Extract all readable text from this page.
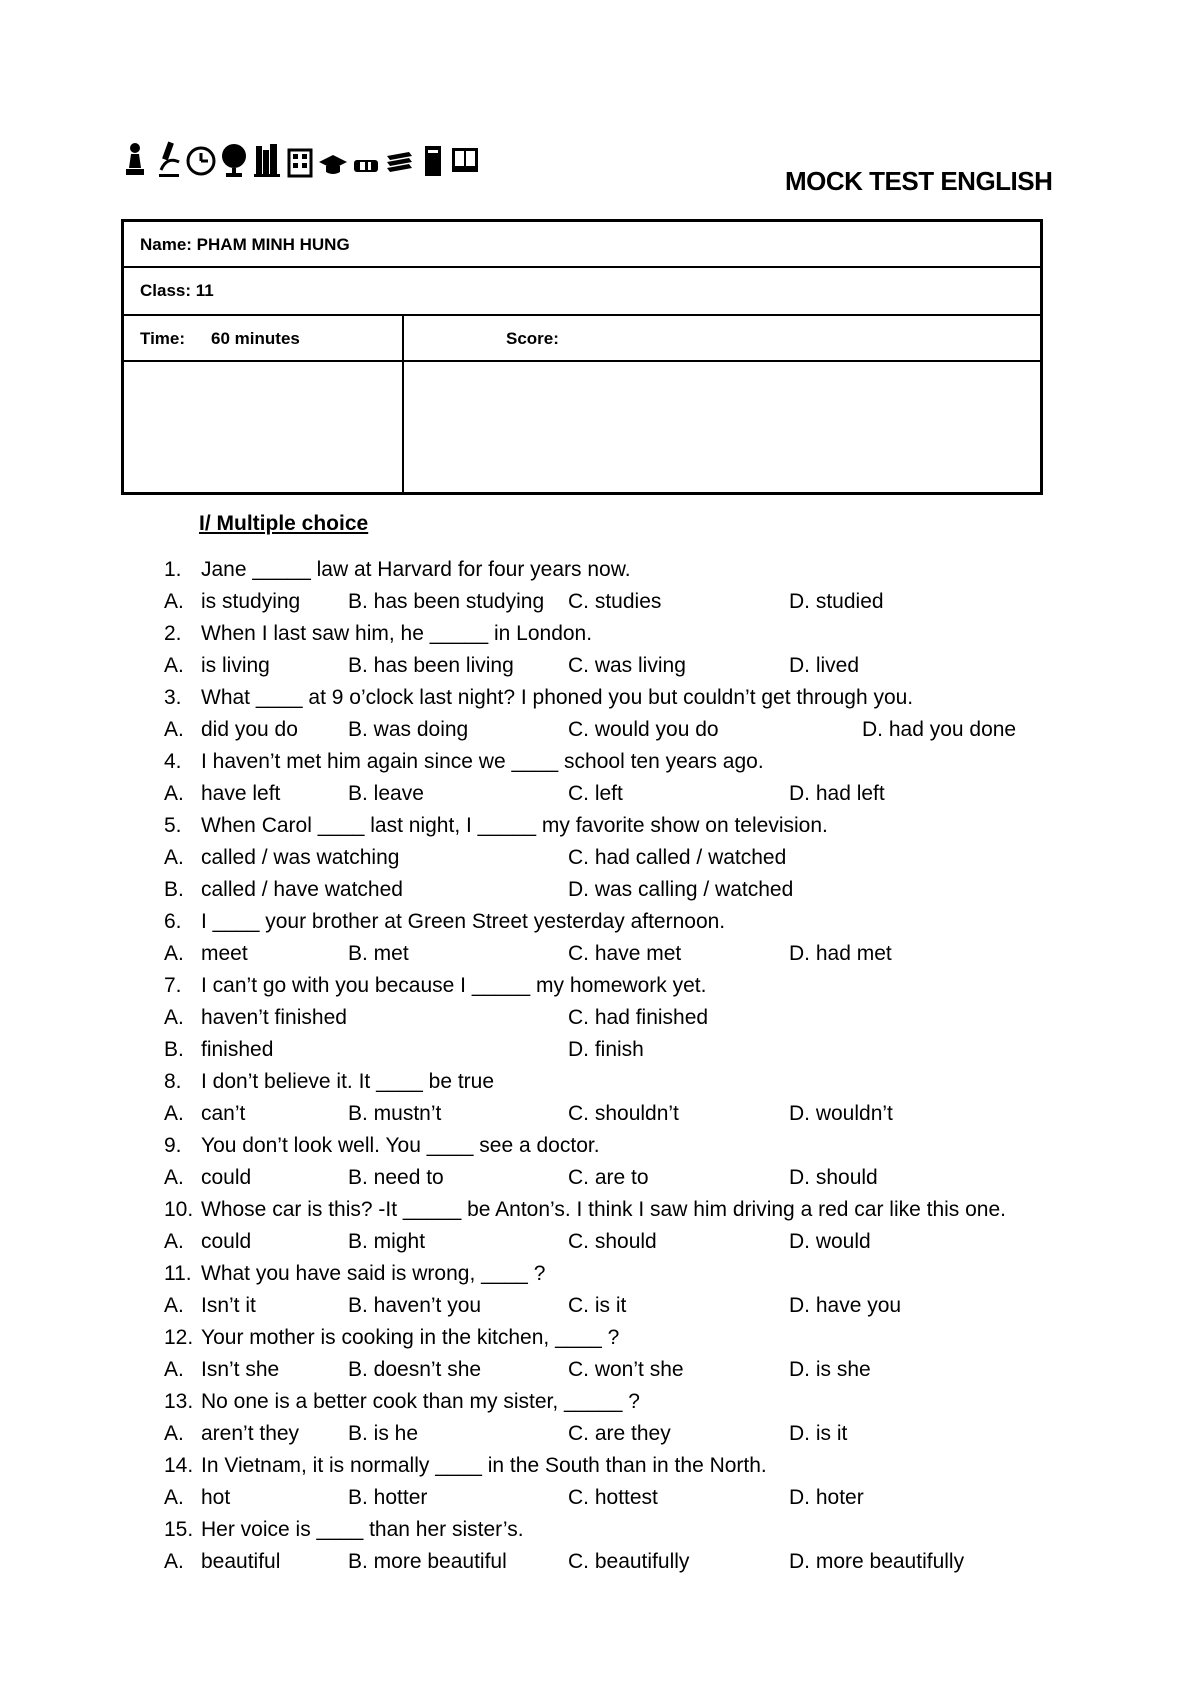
MOCK TEST ENGLISH
Name: PHAM MINH HUNG
Class: 11
Time: 60 minutes	Score:
I/ Multiple choice
1. Jane _____ law at Harvard for four years now.
A. is studying B. has been studying C. studies	D. studied
2. When I last saw him, he _____ in London.
A. is living	B. has been living	C. was living	D. lived
3. What ____ at 9 o’clock last night? I phoned you but couldn’t get through you.
A. did you do B. was doing	C. would you do	D. had you done
4. I haven’t met him again since we ____ school ten years ago.
A. have left	B. leave	C. left	D. had left
5. When Carol ____ last night, I _____ my favorite show on television.
A. called / was watching	C. had called / watched
B. called / have watched	D. was calling / watched
6. I ____ your brother at Green Street yesterday afternoon.
A. meet	B. met	C. have met	D. had met
7. I can’t go with you because I _____ my homework yet.
A. haven’t finished	C. had finished
B. finished	D. finish
8. I don’t believe it. It ____ be true
A. can’t	B. mustn’t	C. shouldn’t	D. wouldn’t
9. You don’t look well. You ____ see a doctor.
A. could	B. need to	C. are to	D. should
10. Whose car is this? -It _____ be Anton’s. I think I saw him driving a red car like this one.
A. could	B. might	C. should	D. would
11. What you have said is wrong, ____ ?
A. Isn’t it	B. haven’t you	C. is it	D. have you
12. Your mother is cooking in the kitchen, ____ ?
A. Isn’t she	B. doesn’t she	C. won’t she	D. is she
13. No one is a better cook than my sister, _____ ?
A. aren’t they B. is he	C. are they	D. is it
14. In Vietnam, it is normally ____ in the South than in the North.
A. hot	B. hotter	C. hottest	D. hoter
15. Her voice is ____ than her sister’s.
A. beautiful	B. more beautiful	C. beautifully	D. more beautifully
